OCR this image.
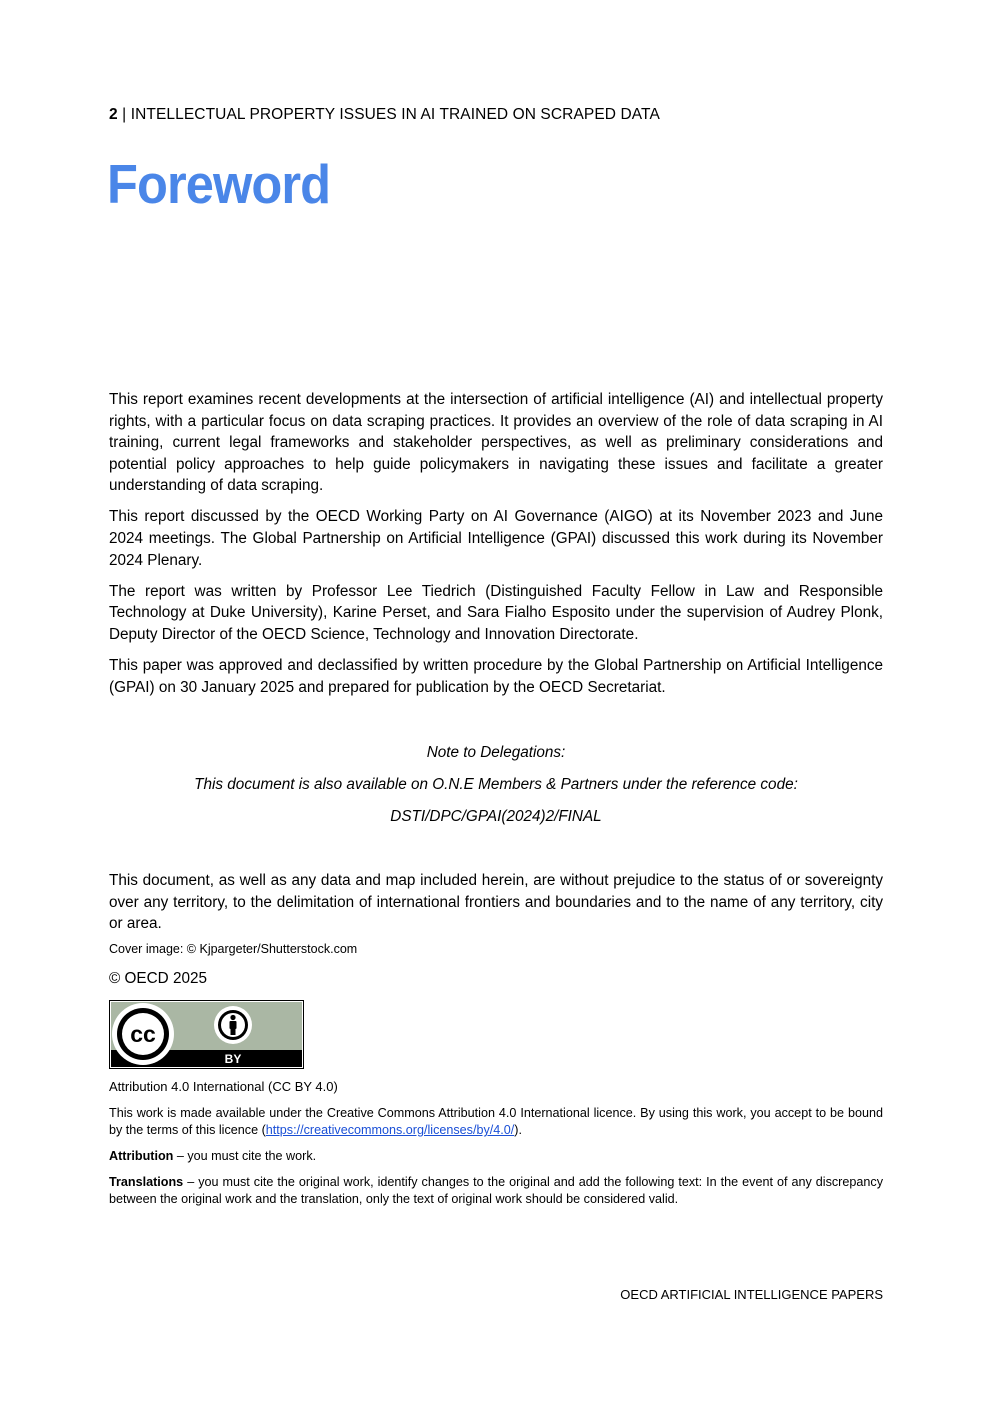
2 | INTELLECTUAL PROPERTY ISSUES IN AI TRAINED ON SCRAPED DATA
Foreword

This report examines recent developments at the intersection of artificial intelligence (AI) and intellectual property rights, with a particular focus on data scraping practices. It provides an overview of the role of data scraping in AI training, current legal frameworks and stakeholder perspectives, as well as preliminary considerations and potential policy approaches to help guide policymakers in navigating these issues and facilitate a greater understanding of data scraping.

This report discussed by the OECD Working Party on AI Governance (AIGO) at its November 2023 and June 2024 meetings. The Global Partnership on Artificial Intelligence (GPAI) discussed this work during its November 2024 Plenary.

The report was written by Professor Lee Tiedrich (Distinguished Faculty Fellow in Law and Responsible Technology at Duke University), Karine Perset, and Sara Fialho Esposito under the supervision of Audrey Plonk, Deputy Director of the OECD Science, Technology and Innovation Directorate.

This paper was approved and declassified by written procedure by the Global Partnership on Artificial Intelligence (GPAI) on 30 January 2025 and prepared for publication by the OECD Secretariat.

Note to Delegations:
This document is also available on O.N.E Members & Partners under the reference code:
DSTI/DPC/GPAI(2024)2/FINAL

This document, as well as any data and map included herein, are without prejudice to the status of or sovereignty over any territory, to the delimitation of international frontiers and boundaries and to the name of any territory, city or area.

Cover image: © Kjpargeter/Shutterstock.com
© OECD 2025
cc
BY
Attribution 4.0 International (CC BY 4.0)

This work is made available under the Creative Commons Attribution 4.0 International licence. By using this work, you accept to be bound by the terms of this licence (https://creativecommons.org/licenses/by/4.0/).

Attribution – you must cite the work.

Translations – you must cite the original work, identify changes to the original and add the following text: In the event of any discrepancy between the original work and the translation, only the text of original work should be considered valid.

OECD ARTIFICIAL INTELLIGENCE PAPERS
